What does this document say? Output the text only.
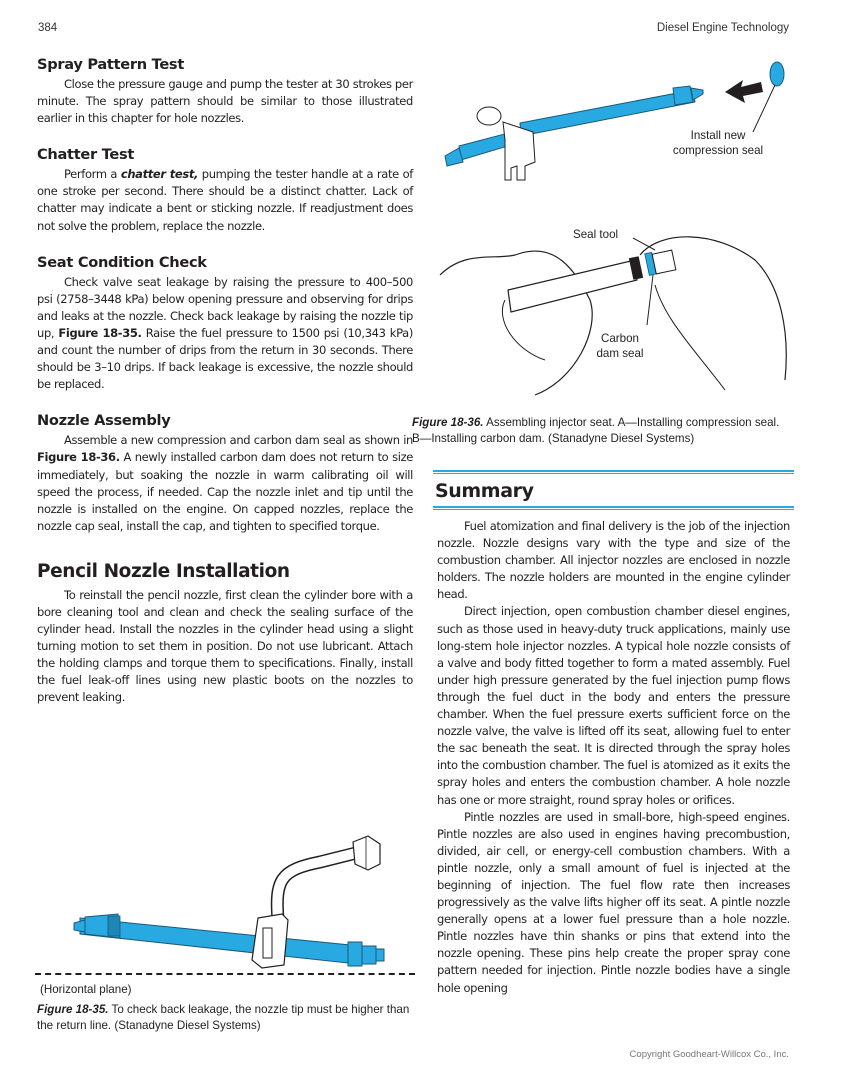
384	Diesel Engine Technology
Spray Pattern Test

Close the pressure gauge and pump the tester at 30 strokes per minute. The spray pattern should be similar to those illustrated earlier in this chapter for hole nozzles.

Chatter Test

Perform a chatter test, pumping the tester handle at a rate of one stroke per second. There should be a distinct chatter. Lack of chatter may indicate a bent or sticking nozzle. If readjustment does not solve the problem, replace the nozzle.

Seat Condition Check

Check valve seat leakage by raising the pressure to 400–500 psi (2758–3448 kPa) below opening pressure and observing for drips and leaks at the nozzle. Check back leakage by raising the nozzle tip up, Figure 18-35. Raise the fuel pressure to 1500 psi (10,343 kPa) and count the number of drips from the return in 30 seconds. There should be 3–10 drips. If back leakage is excessive, the nozzle should be replaced.

Nozzle Assembly

Assemble a new compression and carbon dam seal as shown in Figure 18-36. A newly installed carbon dam does not return to size immediately, but soaking the nozzle in warm calibrating oil will speed the process, if needed. Cap the nozzle inlet and tip until the nozzle is installed on the engine. On capped nozzles, replace the nozzle cap seal, install the cap, and tighten to specified torque.

Pencil Nozzle Installation

To reinstall the pencil nozzle, first clean the cylinder bore with a bore cleaning tool and clean and check the sealing surface of the cylinder head. Install the nozzles in the cylinder head using a slight turning motion to set them in position. Do not use lubricant. Attach the holding clamps and torque them to specifications. Finally, install the fuel leak-off lines using new plastic boots on the nozzles to prevent leaking.

(Horizontal plane)
Figure 18-35. To check back leakage, the nozzle tip must be higher than the return line. (Stanadyne Diesel Systems)
Install new compression seal
Seal tool
Carbon dam seal
Figure 18-36. Assembling injector seat. A—Installing compression seal. B—Installing carbon dam. (Stanadyne Diesel Systems)
Summary

Fuel atomization and final delivery is the job of the injection nozzle. Nozzle designs vary with the type and size of the combustion chamber. All injector nozzles are enclosed in nozzle holders. The nozzle holders are mounted in the engine cylinder head.

Direct injection, open combustion chamber diesel engines, such as those used in heavy-duty truck applications, mainly use long-stem hole injector nozzles. A typical hole nozzle consists of a valve and body fitted together to form a mated assembly. Fuel under high pressure generated by the fuel injection pump flows through the fuel duct in the body and enters the pressure chamber. When the fuel pressure exerts sufficient force on the nozzle valve, the valve is lifted off its seat, allowing fuel to enter the sac beneath the seat. It is directed through the spray holes into the combustion chamber. The fuel is atomized as it exits the spray holes and enters the combustion chamber. A hole nozzle has one or more straight, round spray holes or orifices.

Pintle nozzles are used in small-bore, high-speed engines. Pintle nozzles are also used in engines having precombustion, divided, air cell, or energy-cell combustion chambers. With a pintle nozzle, only a small amount of fuel is injected at the beginning of injection. The fuel flow rate then increases progressively as the valve lifts higher off its seat. A pintle nozzle generally opens at a lower fuel pressure than a hole nozzle. Pintle nozzles have thin shanks or pins that extend into the nozzle opening. These pins help create the proper spray cone pattern needed for injection. Pintle nozzle bodies have a single hole opening

Copyright Goodheart-Willcox Co., Inc.
